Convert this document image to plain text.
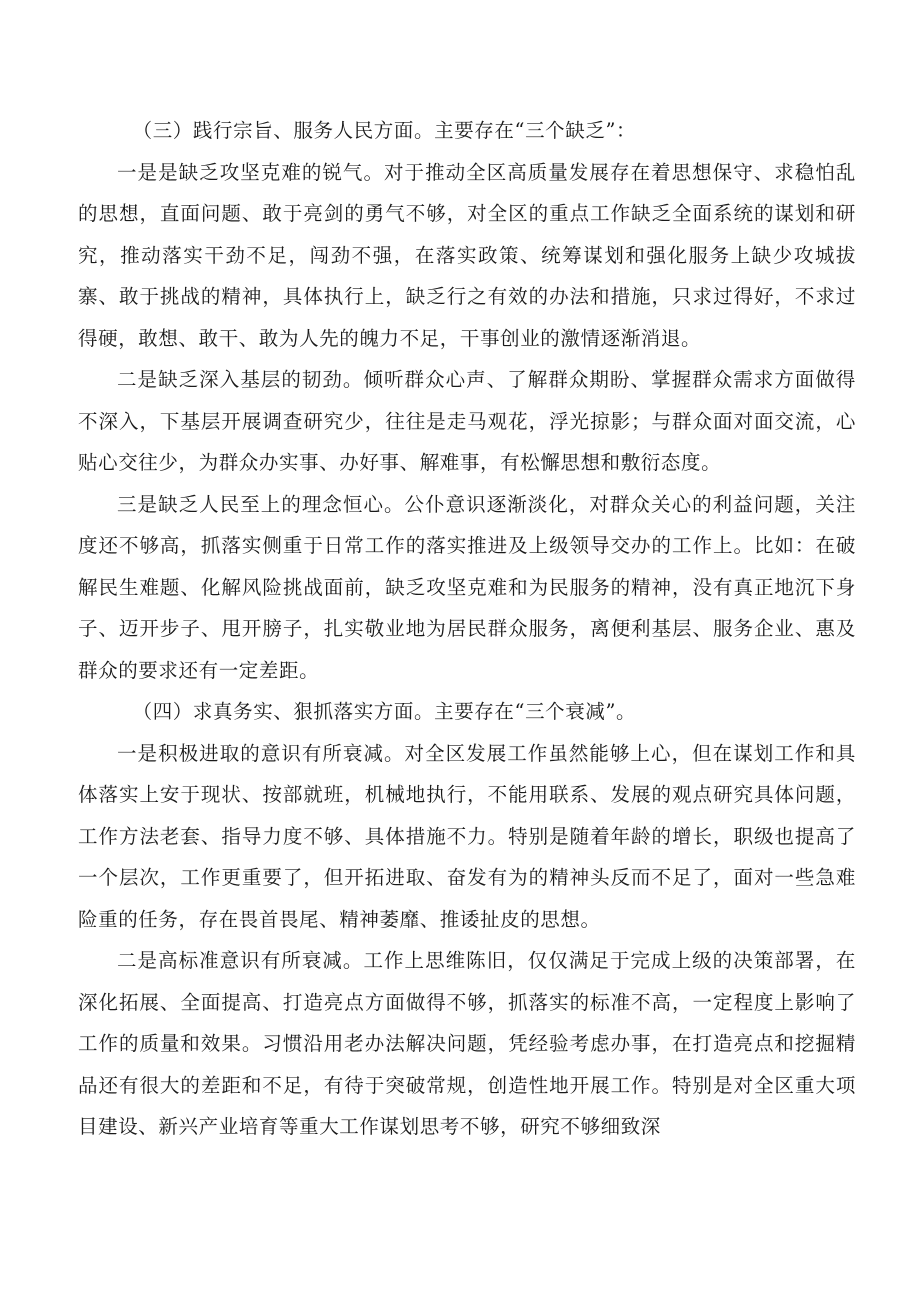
（三）践行宗旨、服务人民方面。主要存在“三个缺乏”：

一是是缺乏攻坚克难的锐气。对于推动全区高质量发展存在着思想保守、求稳怕乱的思想，直面问题、敢于亮剑的勇气不够，对全区的重点工作缺乏全面系统的谋划和研究，推动落实干劲不足，闯劲不强，在落实政策、统筹谋划和强化服务上缺少攻城拔寨、敢于挑战的精神，具体执行上，缺乏行之有效的办法和措施，只求过得好，不求过得硬，敢想、敢干、敢为人先的魄力不足，干事创业的激情逐渐消退。

二是缺乏深入基层的韧劲。倾听群众心声、了解群众期盼、掌握群众需求方面做得不深入，下基层开展调查研究少，往往是走马观花，浮光掠影；与群众面对面交流，心贴心交往少，为群众办实事、办好事、解难事，有松懈思想和敷衍态度。

三是缺乏人民至上的理念恒心。公仆意识逐渐淡化，对群众关心的利益问题，关注度还不够高，抓落实侧重于日常工作的落实推进及上级领导交办的工作上。比如：在破解民生难题、化解风险挑战面前，缺乏攻坚克难和为民服务的精神，没有真正地沉下身子、迈开步子、甩开膀子，扎实敬业地为居民群众服务，离便利基层、服务企业、惠及群众的要求还有一定差距。

（四）求真务实、狠抓落实方面。主要存在“三个衰减”。

一是积极进取的意识有所衰减。对全区发展工作虽然能够上心，但在谋划工作和具体落实上安于现状、按部就班，机械地执行，不能用联系、发展的观点研究具体问题，工作方法老套、指导力度不够、具体措施不力。特别是随着年龄的增长，职级也提高了一个层次，工作更重要了，但开拓进取、奋发有为的精神头反而不足了，面对一些急难险重的任务，存在畏首畏尾、精神萎靡、推诿扯皮的思想。

二是高标准意识有所衰减。工作上思维陈旧，仅仅满足于完成上级的决策部署，在深化拓展、全面提高、打造亮点方面做得不够，抓落实的标准不高，一定程度上影响了工作的质量和效果。习惯沿用老办法解决问题，凭经验考虑办事，在打造亮点和挖掘精品还有很大的差距和不足，有待于突破常规，创造性地开展工作。特别是对全区重大项目建设、新兴产业培育等重大工作谋划思考不够，研究不够细致深
